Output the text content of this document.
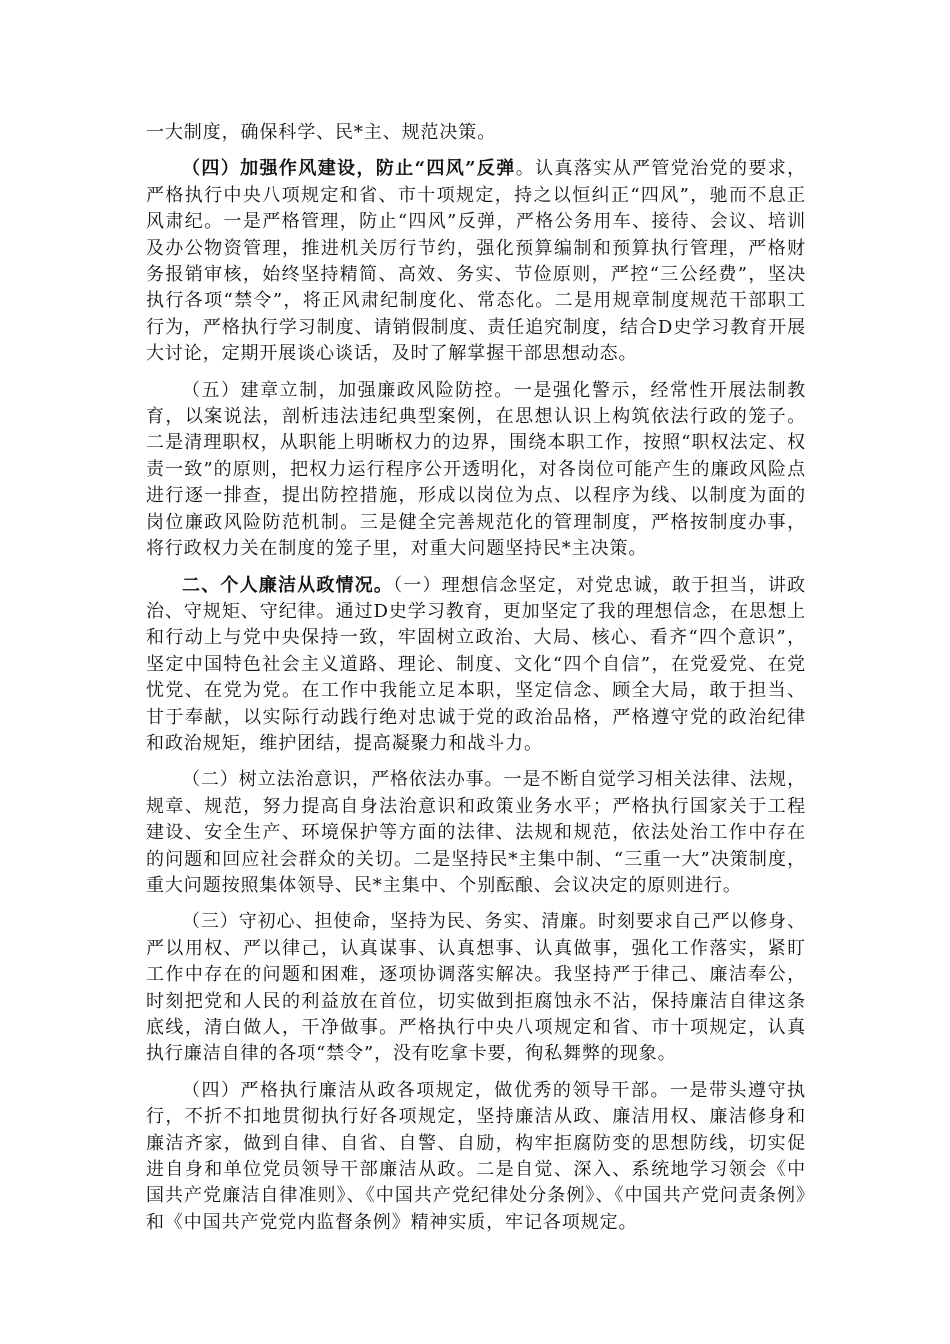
一大制度，确保科学、民*主、规范决策。

（四）加强作风建设，防止“四风”反弹。认真落实从严管党治党的要求，严格执行中央八项规定和省、市十项规定，持之以恒纠正“四风”，驰而不息正风肃纪。一是严格管理，防止“四风”反弹，严格公务用车、接待、会议、培训及办公物资管理，推进机关厉行节约，强化预算编制和预算执行管理，严格财务报销审核，始终坚持精简、高效、务实、节俭原则，严控“三公经费”，坚决执行各项“禁令”，将正风肃纪制度化、常态化。二是用规章制度规范干部职工行为，严格执行学习制度、请销假制度、责任追究制度，结合D史学习教育开展大讨论，定期开展谈心谈话，及时了解掌握干部思想动态。

（五）建章立制，加强廉政风险防控。一是强化警示，经常性开展法制教育，以案说法，剖析违法违纪典型案例，在思想认识上构筑依法行政的笼子。二是清理职权，从职能上明晰权力的边界，围绕本职工作，按照“职权法定、权责一致”的原则，把权力运行程序公开透明化，对各岗位可能产生的廉政风险点进行逐一排查，提出防控措施，形成以岗位为点、以程序为线、以制度为面的岗位廉政风险防范机制。三是健全完善规范化的管理制度，严格按制度办事，将行政权力关在制度的笼子里，对重大问题坚持民*主决策。

二、个人廉洁从政情况。（一）理想信念坚定，对党忠诚，敢于担当，讲政治、守规矩、守纪律。通过D史学习教育，更加坚定了我的理想信念，在思想上和行动上与党中央保持一致，牢固树立政治、大局、核心、看齐“四个意识”，坚定中国特色社会主义道路、理论、制度、文化“四个自信”，在党爱党、在党忧党、在党为党。在工作中我能立足本职，坚定信念、顾全大局，敢于担当、甘于奉献，以实际行动践行绝对忠诚于党的政治品格，严格遵守党的政治纪律和政治规矩，维护团结，提高凝聚力和战斗力。

（二）树立法治意识，严格依法办事。一是不断自觉学习相关法律、法规，规章、规范，努力提高自身法治意识和政策业务水平；严格执行国家关于工程建设、安全生产、环境保护等方面的法律、法规和规范，依法处治工作中存在的问题和回应社会群众的关切。二是坚持民*主集中制、“三重一大”决策制度，重大问题按照集体领导、民*主集中、个别酝酿、会议决定的原则进行。

（三）守初心、担使命，坚持为民、务实、清廉。时刻要求自己严以修身、严以用权、严以律己，认真谋事、认真想事、认真做事，强化工作落实，紧盯工作中存在的问题和困难，逐项协调落实解决。我坚持严于律己、廉洁奉公，时刻把党和人民的利益放在首位，切实做到拒腐蚀永不沾，保持廉洁自律这条底线，清白做人，干净做事。严格执行中央八项规定和省、市十项规定，认真执行廉洁自律的各项“禁令”，没有吃拿卡要，徇私舞弊的现象。

（四）严格执行廉洁从政各项规定，做优秀的领导干部。一是带头遵守执行，不折不扣地贯彻执行好各项规定，坚持廉洁从政、廉洁用权、廉洁修身和廉洁齐家，做到自律、自省、自警、自励，构牢拒腐防变的思想防线，切实促进自身和单位党员领导干部廉洁从政。二是自觉、深入、系统地学习领会《中国共产党廉洁自律准则》、《中国共产党纪律处分条例》、《中国共产党问责条例》和《中国共产党党内监督条例》精神实质，牢记各项规定。
